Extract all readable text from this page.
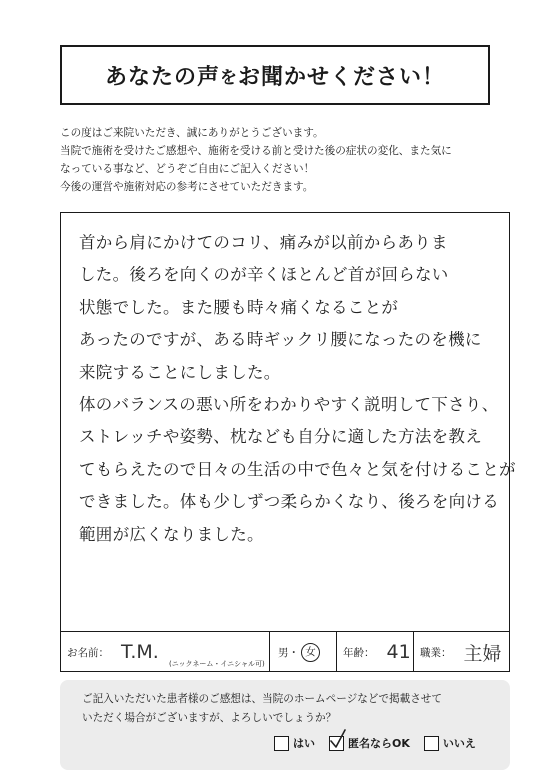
あなたの声 を お聞かせください！
この度はご来院いただき、誠にありがとうございます。
当院で施術を受けたご感想や、施術を受ける前と受けた後の症状の変化、また気に
なっている事など、どうぞご自由にご記入ください！
今後の運営や施術対応の参考にさせていただきます。
首から肩にかけてのコリ、痛みが以前からありま
した。後ろを向くのが辛くほとんど首が回らない
状態でした。また腰も時々痛くなることが
あったのですが、ある時ギックリ腰になったのを機に
来院することにしました。
体のバランスの悪い所をわかりやすく説明して下さり、
ストレッチや姿勢、枕なども自分に適した方法を教え
てもらえたので日々の生活の中で色々と気を付けることが
できました。体も少しずつ柔らかくなり、後ろを向ける
範囲が広くなりました。
お名前： T.M.
(ニックネーム・イニシャル可)
男 ・ 女	年齢： 41 職業： 主婦
ご記入いただいた患者様のご感想は、当院のホームページなどで掲載させて
いただく場合がございますが、よろしいでしょうか？
はい	匿名ならOK	いいえ
